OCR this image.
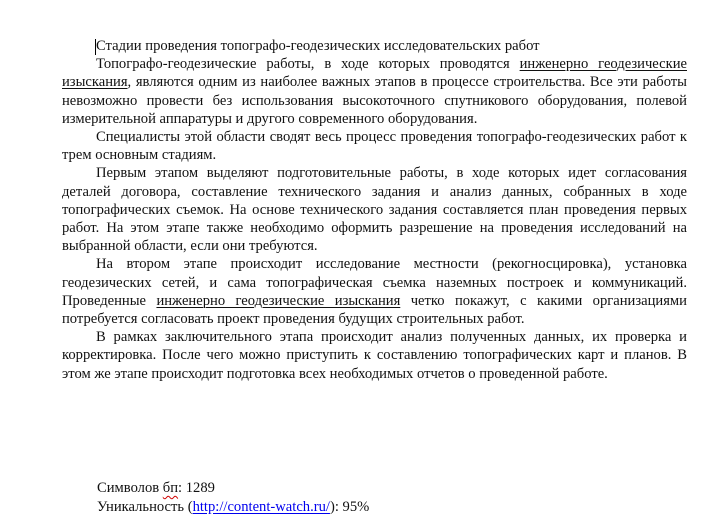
Стадии проведения топографо-геодезических исследовательских работ

Топографо-геодезические работы, в ходе которых проводятся инженерно геодезические изыскания, являются одним из наиболее важных этапов в процессе строительства. Все эти работы невозможно провести без использования высокоточного спутникового оборудования, полевой измерительной аппаратуры и другого современного оборудования.

Специалисты этой области сводят весь процесс проведения топографо-геодезических работ к трем основным стадиям.

Первым этапом выделяют подготовительные работы, в ходе которых идет согласования деталей договора, составление технического задания и анализ данных, собранных в ходе топографических съемок. На основе технического задания составляется план проведения первых работ. На этом этапе также необходимо оформить разрешение на проведения исследований на выбранной области, если они требуются.

На втором этапе происходит исследование местности (рекогносцировка), установка геодезических сетей, и сама топографическая съемка наземных построек и коммуникаций. Проведенные инженерно геодезические изыскания четко покажут, с какими организациями потребуется согласовать проект проведения будущих строительных работ.

В рамках заключительного этапа происходит анализ полученных данных, их проверка и корректировка. После чего можно приступить к составлению топографических карт и планов. В этом же этапе происходит подготовка всех необходимых отчетов о проведенной работе.

Символов бп: 1289
Уникальность (http://content-watch.ru/): 95%
